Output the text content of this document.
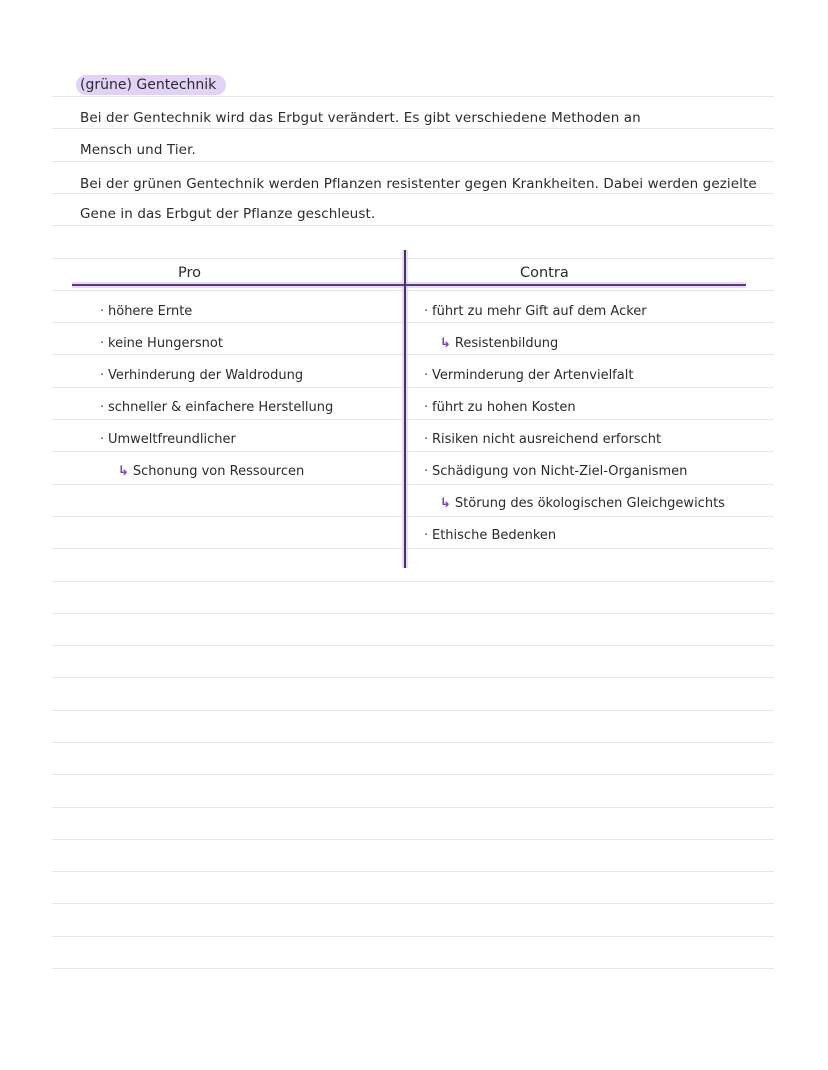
(grüne) Gentechnik
Bei der Gentechnik wird das Erbgut verändert. Es gibt verschiedene Methoden an
Mensch und Tier.
Bei der grünen Gentechnik werden Pflanzen resistenter gegen Krankheiten. Dabei werden gezielte
Gene in das Erbgut der Pflanze geschleust.
Pro	Contra
· höhere Ernte
· keine Hungersnot
· Verhinderung der Waldrodung
· schneller & einfachere Herstellung
· Umweltfreundlicher
↳ Schonung von Ressourcen
· führt zu mehr Gift auf dem Acker
↳ Resistenbildung
· Verminderung der Artenvielfalt
· führt zu hohen Kosten
· Risiken nicht ausreichend erforscht
· Schädigung von Nicht-Ziel-Organismen
↳ Störung des ökologischen Gleichgewichts
· Ethische Bedenken
